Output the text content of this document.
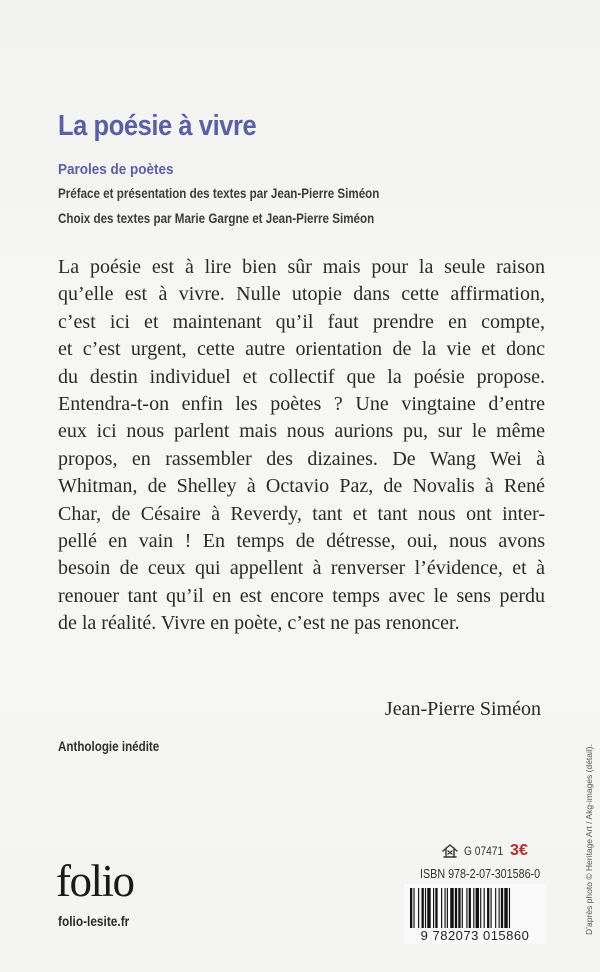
La poésie à vivre
Paroles de poètes
Préface et présentation des textes par Jean-Pierre Siméon
Choix des textes par Marie Gargne et Jean-Pierre Siméon
La poésie est à lire bien sûr mais pour la seule raison
qu’elle est à vivre. Nulle utopie dans cette affirmation,
c’est ici et maintenant qu’il faut prendre en compte,
et c’est urgent, cette autre orientation de la vie et donc
du destin individuel et collectif que la poésie propose.
Entendra-t-on enfin les poètes ? Une vingtaine d’entre
eux ici nous parlent mais nous aurions pu, sur le même
propos, en rassembler des dizaines. De Wang Wei à
Whitman, de Shelley à Octavio Paz, de Novalis à René
Char, de Césaire à Reverdy, tant et tant nous ont inter-
pellé en vain ! En temps de détresse, oui, nous avons
besoin de ceux qui appellent à renverser l’évidence, et à
renouer tant qu’il en est encore temps avec le sens perdu
de la réalité. Vivre en poète, c’est ne pas renoncer.
Jean-Pierre Siméon
Anthologie inédite
folio
folio-lesite.fr
G 07471 3€
ISBN 978-2-07-301586-0
9 782073 015860
D’après photo © Heritage Art / Akg-images (détail).
